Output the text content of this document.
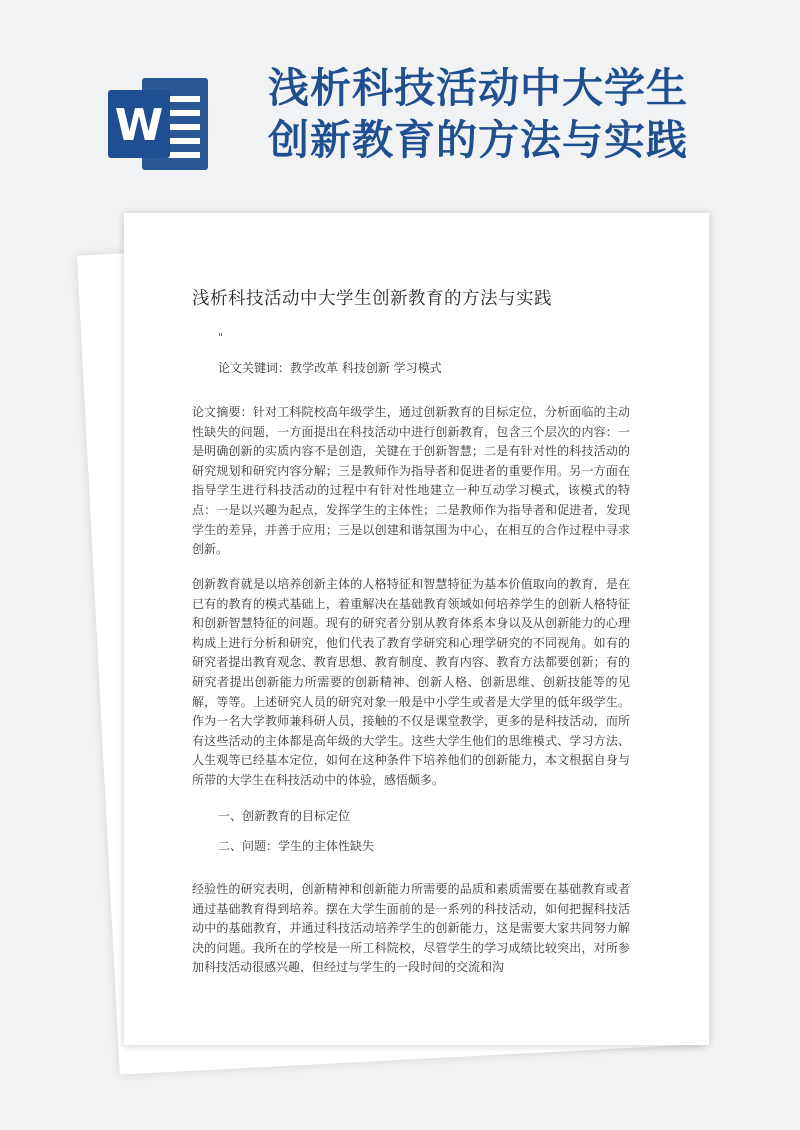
W
浅析科技活动中大学生
创新教育的方法与实践
浅析科技活动中大学生创新教育的方法与实践
"
论文关键词：教学改革 科技创新 学习模式

论文摘要：针对工科院校高年级学生，通过创新教育的目标定位，分析面临的主动性缺失的问题，一方面提出在科技活动中进行创新教育，包含三个层次的内容：一是明确创新的实质内容不是创造，关键在于创新智慧；二是有针对性的科技活动的研究规划和研究内容分解；三是教师作为指导者和促进者的重要作用。另一方面在指导学生进行科技活动的过程中有针对性地建立一种互动学习模式，该模式的特点：一是以兴趣为起点，发挥学生的主体性；二是教师作为指导者和促进者，发现学生的差异，并善于应用；三是以创建和谐氛围为中心，在相互的合作过程中寻求创新。

创新教育就是以培养创新主体的人格特征和智慧特征为基本价值取向的教育，是在已有的教育的模式基础上，着重解决在基础教育领域如何培养学生的创新人格特征和创新智慧特征的问题。现有的研究者分别从教育体系本身以及从创新能力的心理构成上进行分析和研究，他们代表了教育学研究和心理学研究的不同视角。如有的研究者提出教育观念、教育思想、教育制度、教育内容、教育方法都要创新；有的研究者提出创新能力所需要的创新精神、创新人格、创新思维、创新技能等的见解，等等。上述研究人员的研究对象一般是中小学生或者是大学里的低年级学生。作为一名大学教师兼科研人员，接触的不仅是课堂教学，更多的是科技活动，而所有这些活动的主体都是高年级的大学生。这些大学生他们的思维模式、学习方法、人生观等已经基本定位，如何在这种条件下培养他们的创新能力，本文根据自身与所带的大学生在科技活动中的体验，感悟颇多。

一、创新教育的目标定位

二、问题：学生的主体性缺失

经验性的研究表明，创新精神和创新能力所需要的品质和素质需要在基础教育或者通过基础教育得到培养。摆在大学生面前的是一系列的科技活动，如何把握科技活动中的基础教育，并通过科技活动培养学生的创新能力，这是需要大家共同努力解决的问题。我所在的学校是一所工科院校，尽管学生的学习成绩比较突出，对所参加科技活动很感兴趣，但经过与学生的一段时间的交流和沟
